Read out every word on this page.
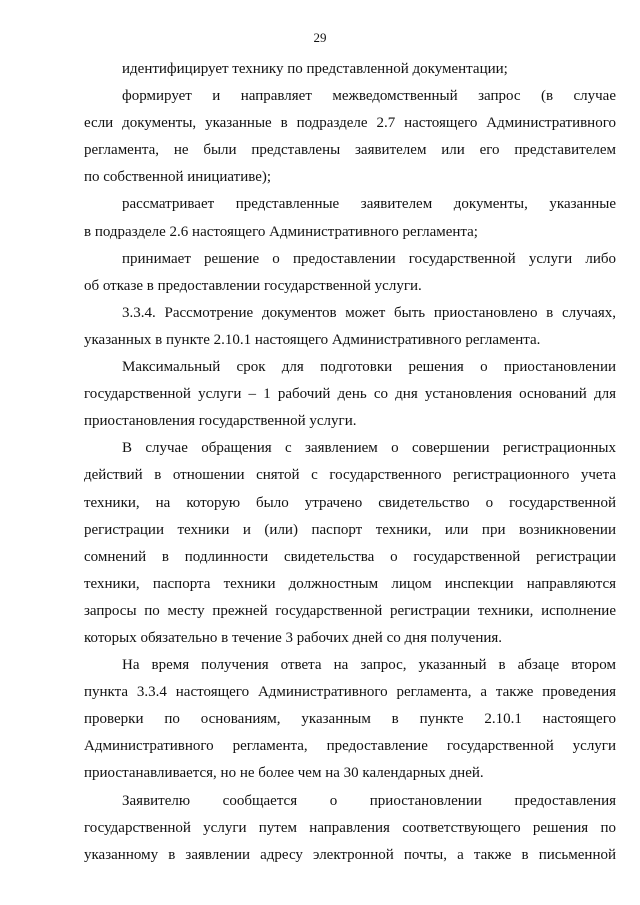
29
идентифицирует технику по представленной документации;
формирует и направляет межведомственный запрос (в случае
если документы, указанные в подразделе 2.7 настоящего Административного
регламента, не были представлены заявителем или его представителем
по собственной инициативе);
рассматривает представленные заявителем документы, указанные
в подразделе 2.6 настоящего Административного регламента;
принимает решение о предоставлении государственной услуги либо
об отказе в предоставлении государственной услуги.
3.3.4. Рассмотрение документов может быть приостановлено в случаях,
указанных в пункте 2.10.1 настоящего Административного регламента.
Максимальный срок для подготовки решения о приостановлении
государственной услуги – 1 рабочий день со дня установления оснований для
приостановления государственной услуги.
В случае обращения с заявлением о совершении регистрационных
действий в отношении снятой с государственного регистрационного учета
техники, на которую было утрачено свидетельство о государственной
регистрации техники и (или) паспорт техники, или при возникновении
сомнений в подлинности свидетельства о государственной регистрации
техники, паспорта техники должностным лицом инспекции направляются
запросы по месту прежней государственной регистрации техники, исполнение
которых обязательно в течение 3 рабочих дней со дня получения.
На время получения ответа на запрос, указанный в абзаце втором
пункта 3.3.4 настоящего Административного регламента, а также проведения
проверки по основаниям, указанным в пункте 2.10.1 настоящего
Административного регламента, предоставление государственной услуги
приостанавливается, но не более чем на 30 календарных дней.
Заявителю сообщается о приостановлении предоставления
государственной услуги путем направления соответствующего решения по
указанному в заявлении адресу электронной почты, а также в письменной
